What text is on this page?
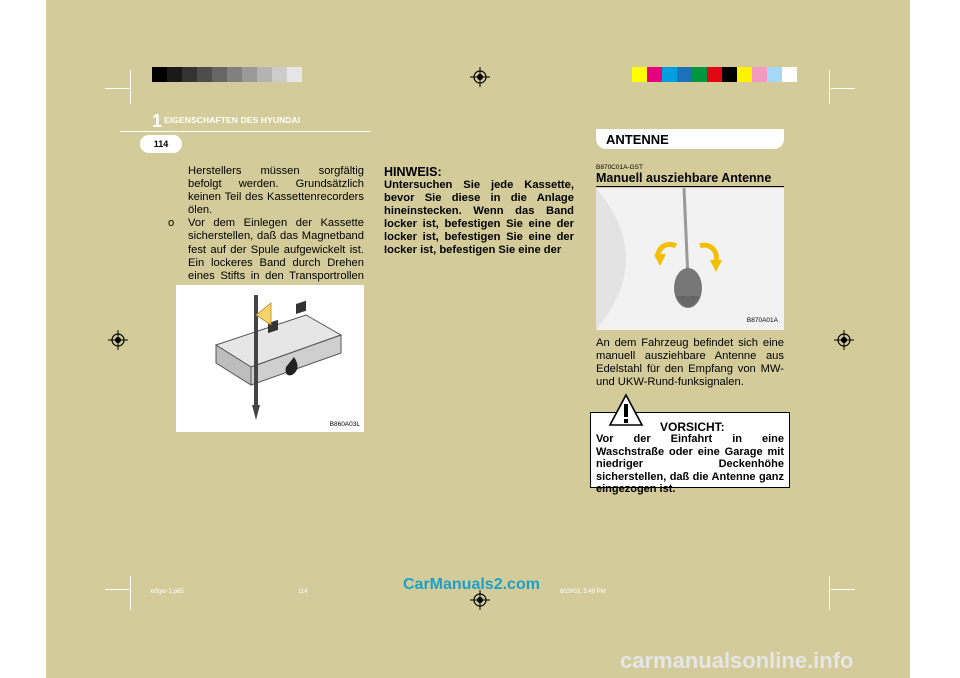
1 EIGENSCHAFTEN DES HYUNDAI
114	ANTENNE
Herstellers müssen sorgfältig befolgt werden. Grundsätzlich keinen Teil des Kassettenrecorders ölen.
o	Vor dem Einlegen der Kassette sicherstellen, daß das Magnetband fest auf der Spule aufgewickelt ist. Ein lockeres Band durch Drehen eines Stifts in den Transportrollen
B860A03L
HINWEIS:
Untersuchen Sie jede Kassette, bevor Sie diese in die Anlage hineinstecken. Wenn das Band locker ist, befestigen Sie eine der locker ist, befestigen Sie eine der Iocker ist, befestigen Sie eine der
B870C01A-GST
Manuell ausziehbare Antenne
B870A01A
An dem Fahrzeug befindet sich eine manuell ausziehbare Antenne aus Edelstahl für den Empfang von MW- und UKW-Rund-funksignalen.
VORSICHT:
Vor der Einfahrt in eine Waschstraße oder eine Garage mit niedriger Deckenhöhe sicherstellen, daß die Antenne ganz eingezogen ist.
xdfger-1.p65	114	6/19/03, 5:49 PM
CarManuals2.com
carmanualsonline.info
